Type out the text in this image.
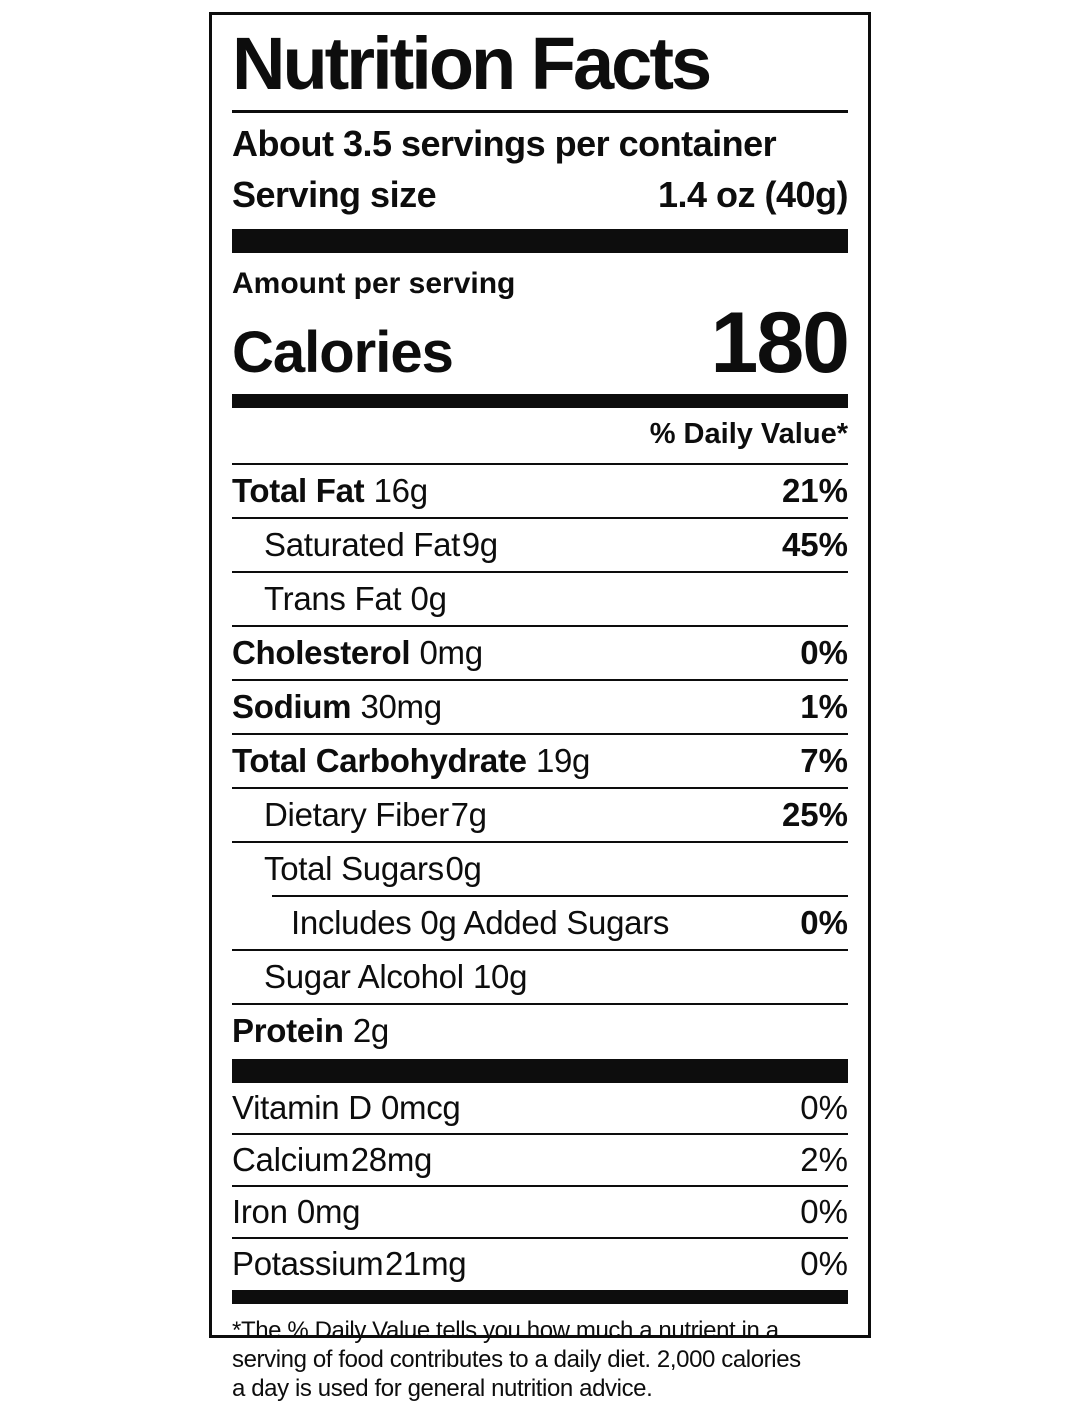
Nutrition Facts
About 3.5 servings per container
Serving size	1.4 oz (40g)
Amount per serving
Calories	180
% Daily Value*
Total Fat 16g	21%
Saturated Fat9g	45%
Trans Fat 0g
Cholesterol 0mg	0%
Sodium 30mg	1%
Total Carbohydrate 19g	7%
Dietary Fiber7g	25%
Total Sugars0g
Includes 0g Added Sugars	0%
Sugar Alcohol 10g
Protein 2g
Vitamin D 0mcg	0%
Calcium28mg	2%
Iron 0mg	0%
Potassium21mg	0%
*The % Daily Value tells you how much a nutrient in a
serving of food contributes to a daily diet. 2,000 calories
a day is used for general nutrition advice.
